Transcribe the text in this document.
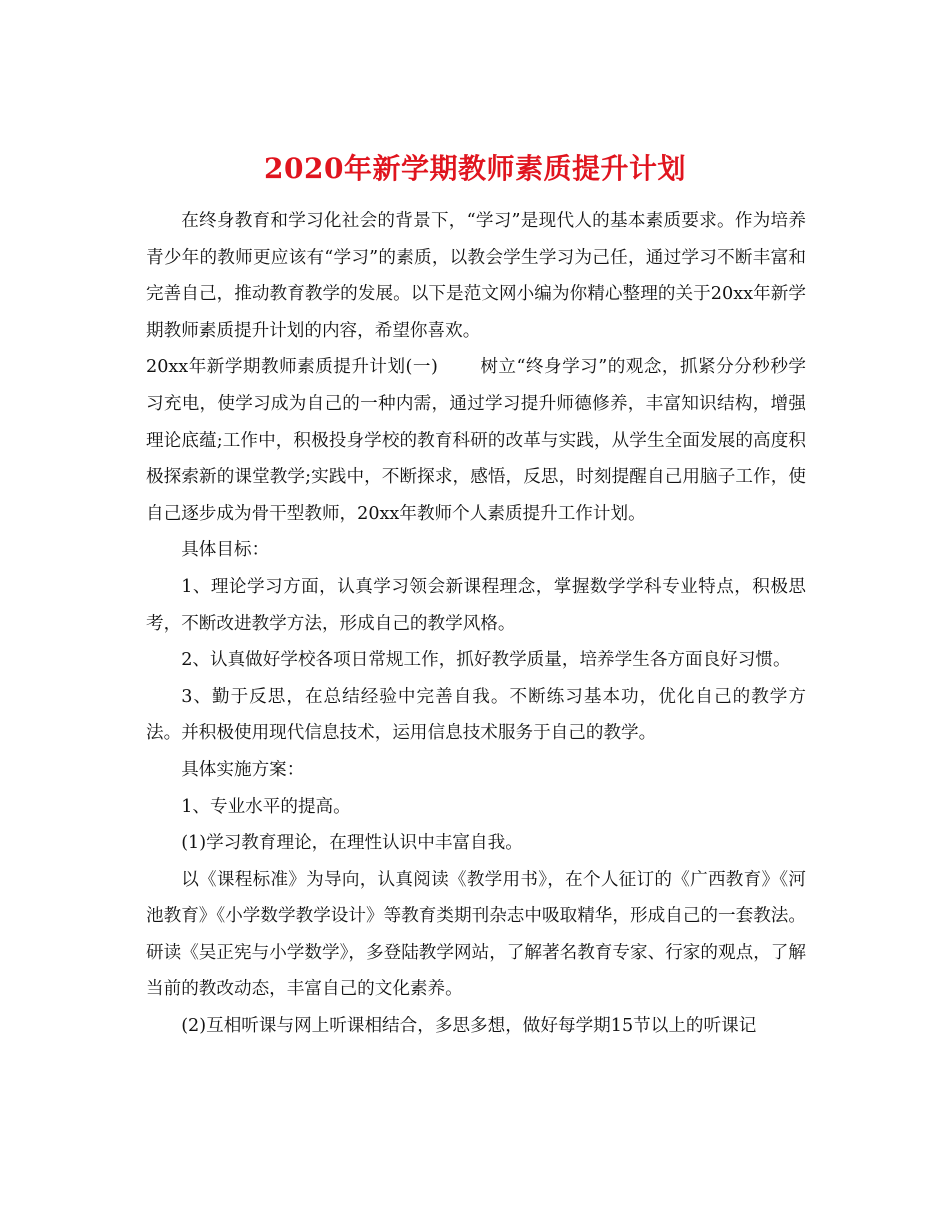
2020年新学期教师素质提升计划

在终身教育和学习化社会的背景下，“学习”是现代人的基本素质要求。作为培养青少年的教师更应该有“学习”的素质，以教会学生学习为己任，通过学习不断丰富和完善自己，推动教育教学的发展。以下是范文网小编为你精心整理的关于20xx年新学期教师素质提升计划的内容，希望你喜欢。

20xx年新学期教师素质提升计划(一) 树立“终身学习”的观念，抓紧分分秒秒学习充电，使学习成为自己的一种内需，通过学习提升师德修养，丰富知识结构，增强理论底蕴;工作中，积极投身学校的教育科研的改革与实践，从学生全面发展的高度积极探索新的课堂教学;实践中，不断探求，感悟，反思，时刻提醒自己用脑子工作，使自己逐步成为骨干型教师，20xx年教师个人素质提升工作计划。

具体目标：

1、理论学习方面，认真学习领会新课程理念，掌握数学学科专业特点，积极思考，不断改进教学方法，形成自己的教学风格。

2、认真做好学校各项日常规工作，抓好教学质量，培养学生各方面良好习惯。

3、勤于反思，在总结经验中完善自我。不断练习基本功，优化自己的教学方法。并积极使用现代信息技术，运用信息技术服务于自己的教学。

具体实施方案：

1、专业水平的提高。

(1)学习教育理论，在理性认识中丰富自我。

以《课程标准》为导向，认真阅读《教学用书》，在个人征订的《广西教育》《河池教育》《小学数学教学设计》等教育类期刊杂志中吸取精华，形成自己的一套教法。研读《吴正宪与小学数学》，多登陆教学网站，了解著名教育专家、行家的观点，了解当前的教改动态，丰富自己的文化素养。

(2)互相听课与网上听课相结合，多思多想，做好每学期15节以上的听课记
